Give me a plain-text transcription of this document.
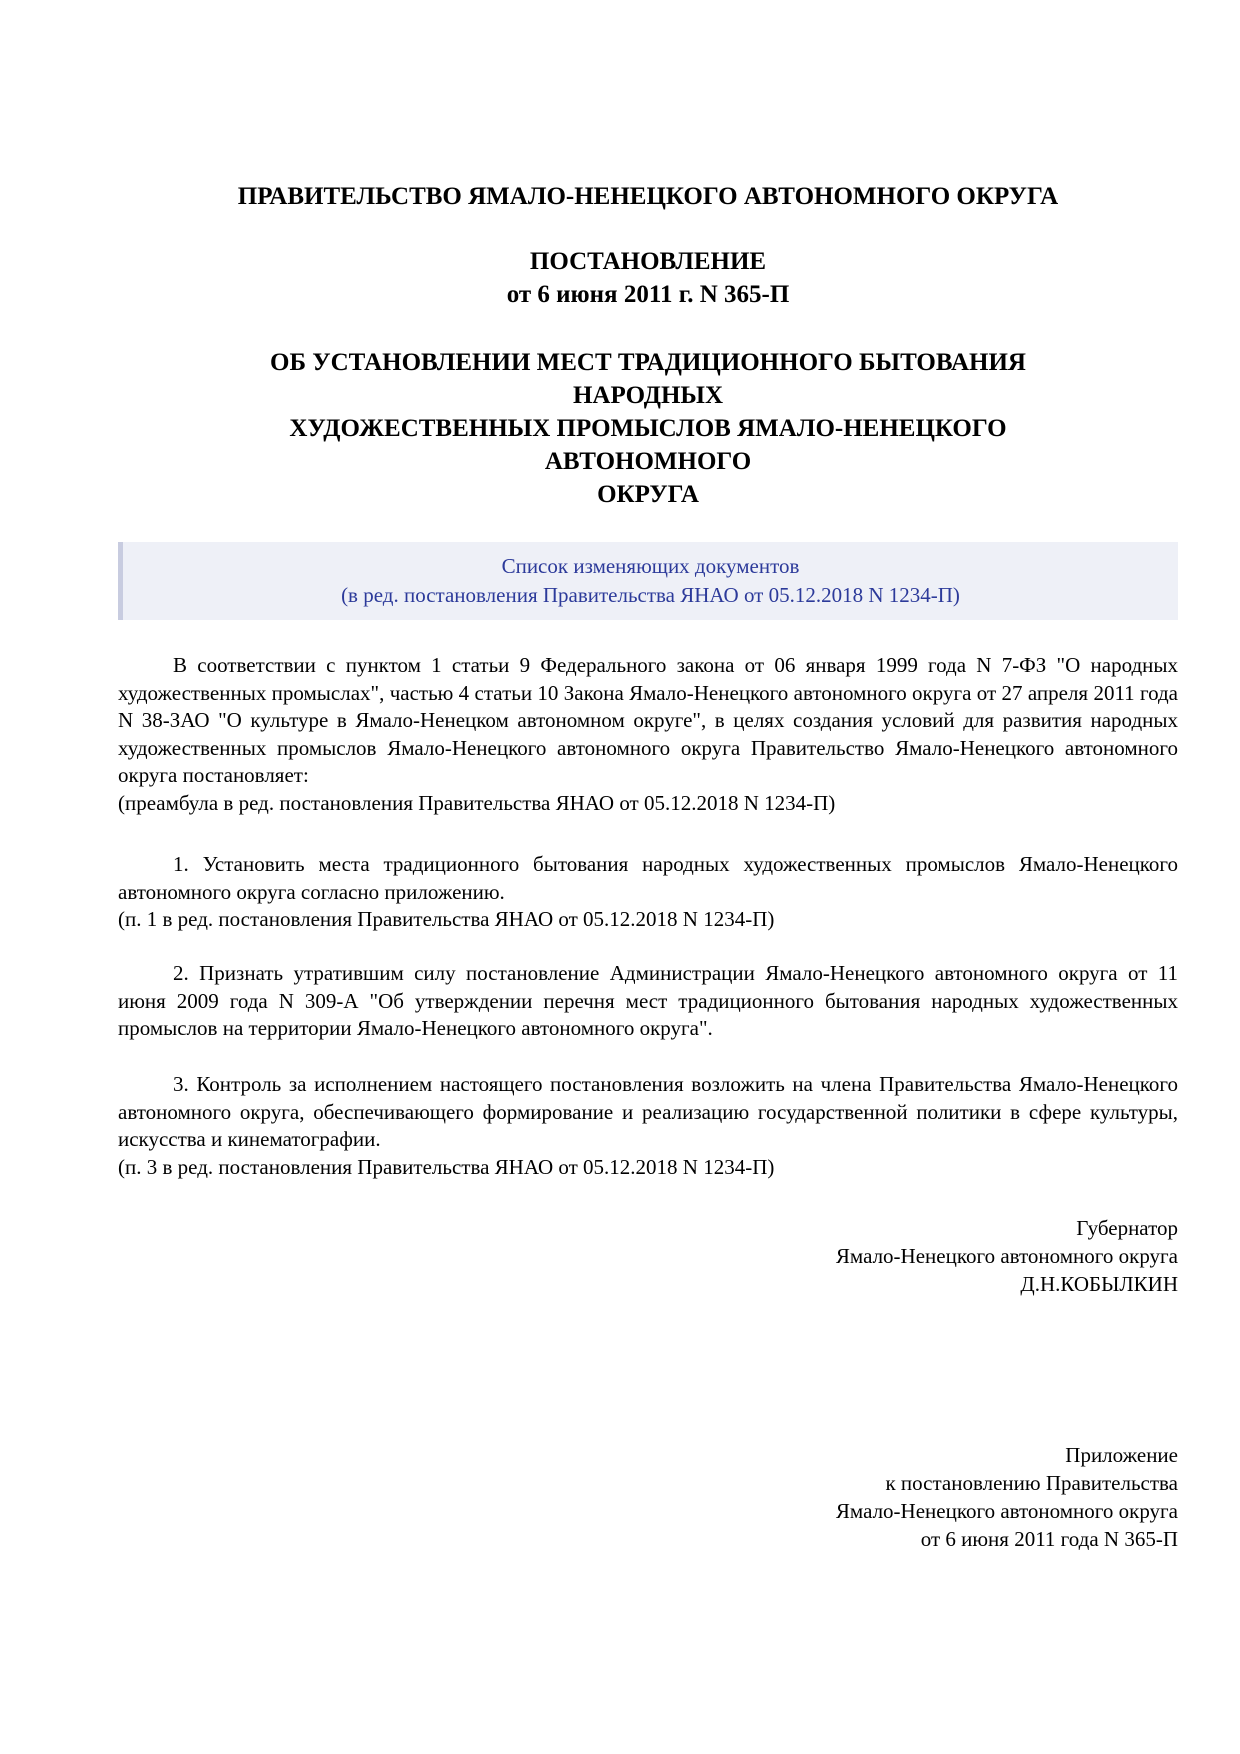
ПРАВИТЕЛЬСТВО ЯМАЛО-НЕНЕЦКОГО АВТОНОМНОГО ОКРУГА
ПОСТАНОВЛЕНИЕ
от 6 июня 2011 г. N 365-П
ОБ УСТАНОВЛЕНИИ МЕСТ ТРАДИЦИОННОГО БЫТОВАНИЯ
НАРОДНЫХ
ХУДОЖЕСТВЕННЫХ ПРОМЫСЛОВ ЯМАЛО-НЕНЕЦКОГО
АВТОНОМНОГО
ОКРУГА
Список изменяющих документов
(в ред. постановления Правительства ЯНАО от 05.12.2018 N 1234-П)

В соответствии с пунктом 1 статьи 9 Федерального закона от 06 января 1999 года N 7-ФЗ "О народных художественных промыслах", частью 4 статьи 10 Закона Ямало-Ненецкого автономного округа от 27 апреля 2011 года N 38-ЗАО "О культуре в Ямало-Ненецком автономном округе", в целях создания условий для развития народных художественных промыслов Ямало-Ненецкого автономного округа Правительство Ямало-Ненецкого автономного округа постановляет:

(преамбула в ред. постановления Правительства ЯНАО от 05.12.2018 N 1234-П)

1. Установить места традиционного бытования народных художественных промыслов Ямало-Ненецкого автономного округа согласно приложению.

(п. 1 в ред. постановления Правительства ЯНАО от 05.12.2018 N 1234-П)

2. Признать утратившим силу постановление Администрации Ямало-Ненецкого автономного округа от 11 июня 2009 года N 309-А "Об утверждении перечня мест традиционного бытования народных художественных промыслов на территории Ямало-Ненецкого автономного округа".

3. Контроль за исполнением настоящего постановления возложить на члена Правительства Ямало-Ненецкого автономного округа, обеспечивающего формирование и реализацию государственной политики в сфере культуры, искусства и кинематографии.

(п. 3 в ред. постановления Правительства ЯНАО от 05.12.2018 N 1234-П)

Губернатор
Ямало-Ненецкого автономного округа
Д.Н.КОБЫЛКИН
Приложение
к постановлению Правительства
Ямало-Ненецкого автономного округа
от 6 июня 2011 года N 365-П
